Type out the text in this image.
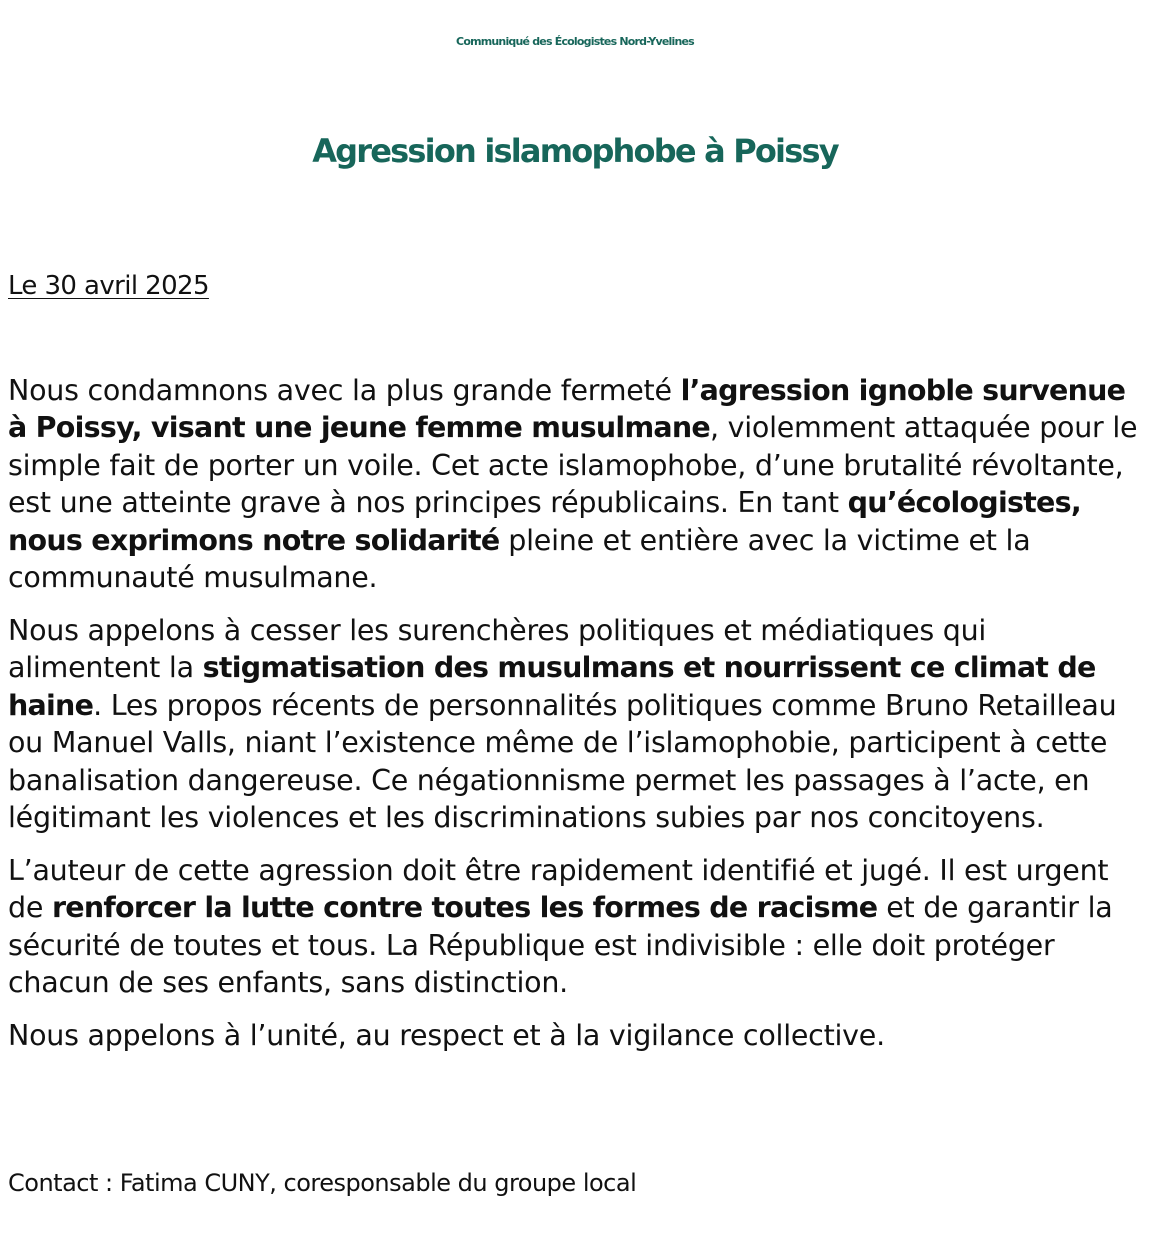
Communiqué des Écologistes Nord-Yvelines
Agression islamophobe à Poissy

Le 30 avril 2025

Nous condamnons avec la plus grande fermeté l’agression ignoble survenue à Poissy, visant une jeune femme musulmane, violemment attaquée pour le simple fait de porter un voile. Cet acte islamophobe, d’une brutalité révoltante, est une atteinte grave à nos principes républicains. En tant qu’écologistes, nous exprimons notre solidarité pleine et entière avec la victime et la communauté musulmane.

Nous appelons à cesser les surenchères politiques et médiatiques qui alimentent la stigmatisation des musulmans et nourrissent ce climat de haine. Les propos récents de personnalités politiques comme Bruno Retailleau ou Manuel Valls, niant l’existence même de l’islamophobie, participent à cette banalisation dangereuse. Ce négationnisme permet les passages à l’acte, en légitimant les violences et les discriminations subies par nos concitoyens.

L’auteur de cette agression doit être rapidement identifié et jugé. Il est urgent de renforcer la lutte contre toutes les formes de racisme et de garantir la sécurité de toutes et tous. La République est indivisible : elle doit protéger chacun de ses enfants, sans distinction.

Nous appelons à l’unité, au respect et à la vigilance collective.

Contact : Fatima CUNY, coresponsable du groupe local
